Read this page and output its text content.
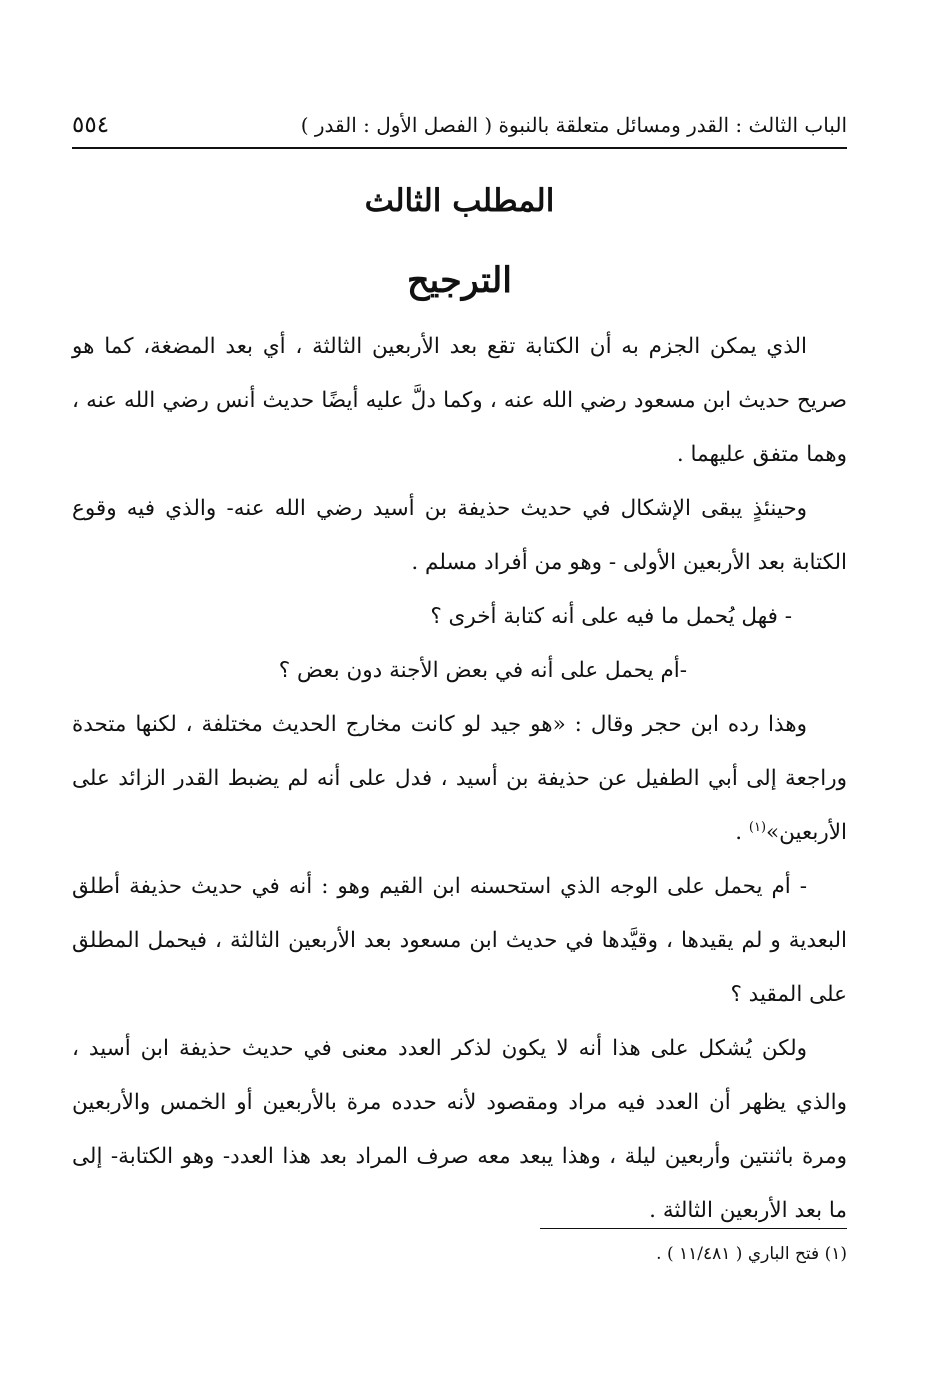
٥٥٤	الباب الثالث : القدر ومسائل متعلقة بالنبوة ( الفصل الأول : القدر )
المطلب الثالث
الترجيح

الذي يمكن الجزم به أن الكتابة تقع بعد الأربعين الثالثة ، أي بعد المضغة، كما هو صريح حديث ابن مسعود رضي الله عنه ، وكما دلَّ عليه أيضًا حديث أنس رضي الله عنه ، وهما متفق عليهما .

وحينئذٍ يبقى الإشكال في حديث حذيفة بن أسيد رضي الله عنه- والذي فيه وقوع الكتابة بعد الأربعين الأولى - وهو من أفراد مسلم .

- فهل يُحمل ما فيه على أنه كتابة أخرى ؟

-أم يحمل على أنه في بعض الأجنة دون بعض ؟

وهذا رده ابن حجر وقال : «هو جيد لو كانت مخارج الحديث مختلفة ، لكنها متحدة وراجعة إلى أبي الطفيل عن حذيفة بن أسيد ، فدل على أنه لم يضبط القدر الزائد على الأربعين»$^{(١)}$ .

- أم يحمل على الوجه الذي استحسنه ابن القيم وهو : أنه في حديث حذيفة أطلق البعدية و لم يقيدها ، وقيَّدها في حديث ابن مسعود بعد الأربعين الثالثة ، فيحمل المطلق على المقيد ؟

ولكن يُشكل على هذا أنه لا يكون لذكر العدد معنى في حديث حذيفة ابن أسيد ، والذي يظهر أن العدد فيه مراد ومقصود لأنه حدده مرة بالأربعين أو الخمس والأربعين ومرة باثنتين وأربعين ليلة ، وهذا يبعد معه صرف المراد بعد هذا العدد- وهو الكتابة- إلى ما بعد الأربعين الثالثة .

(١) فتح الباري ( ١١/٤٨١ ) .
